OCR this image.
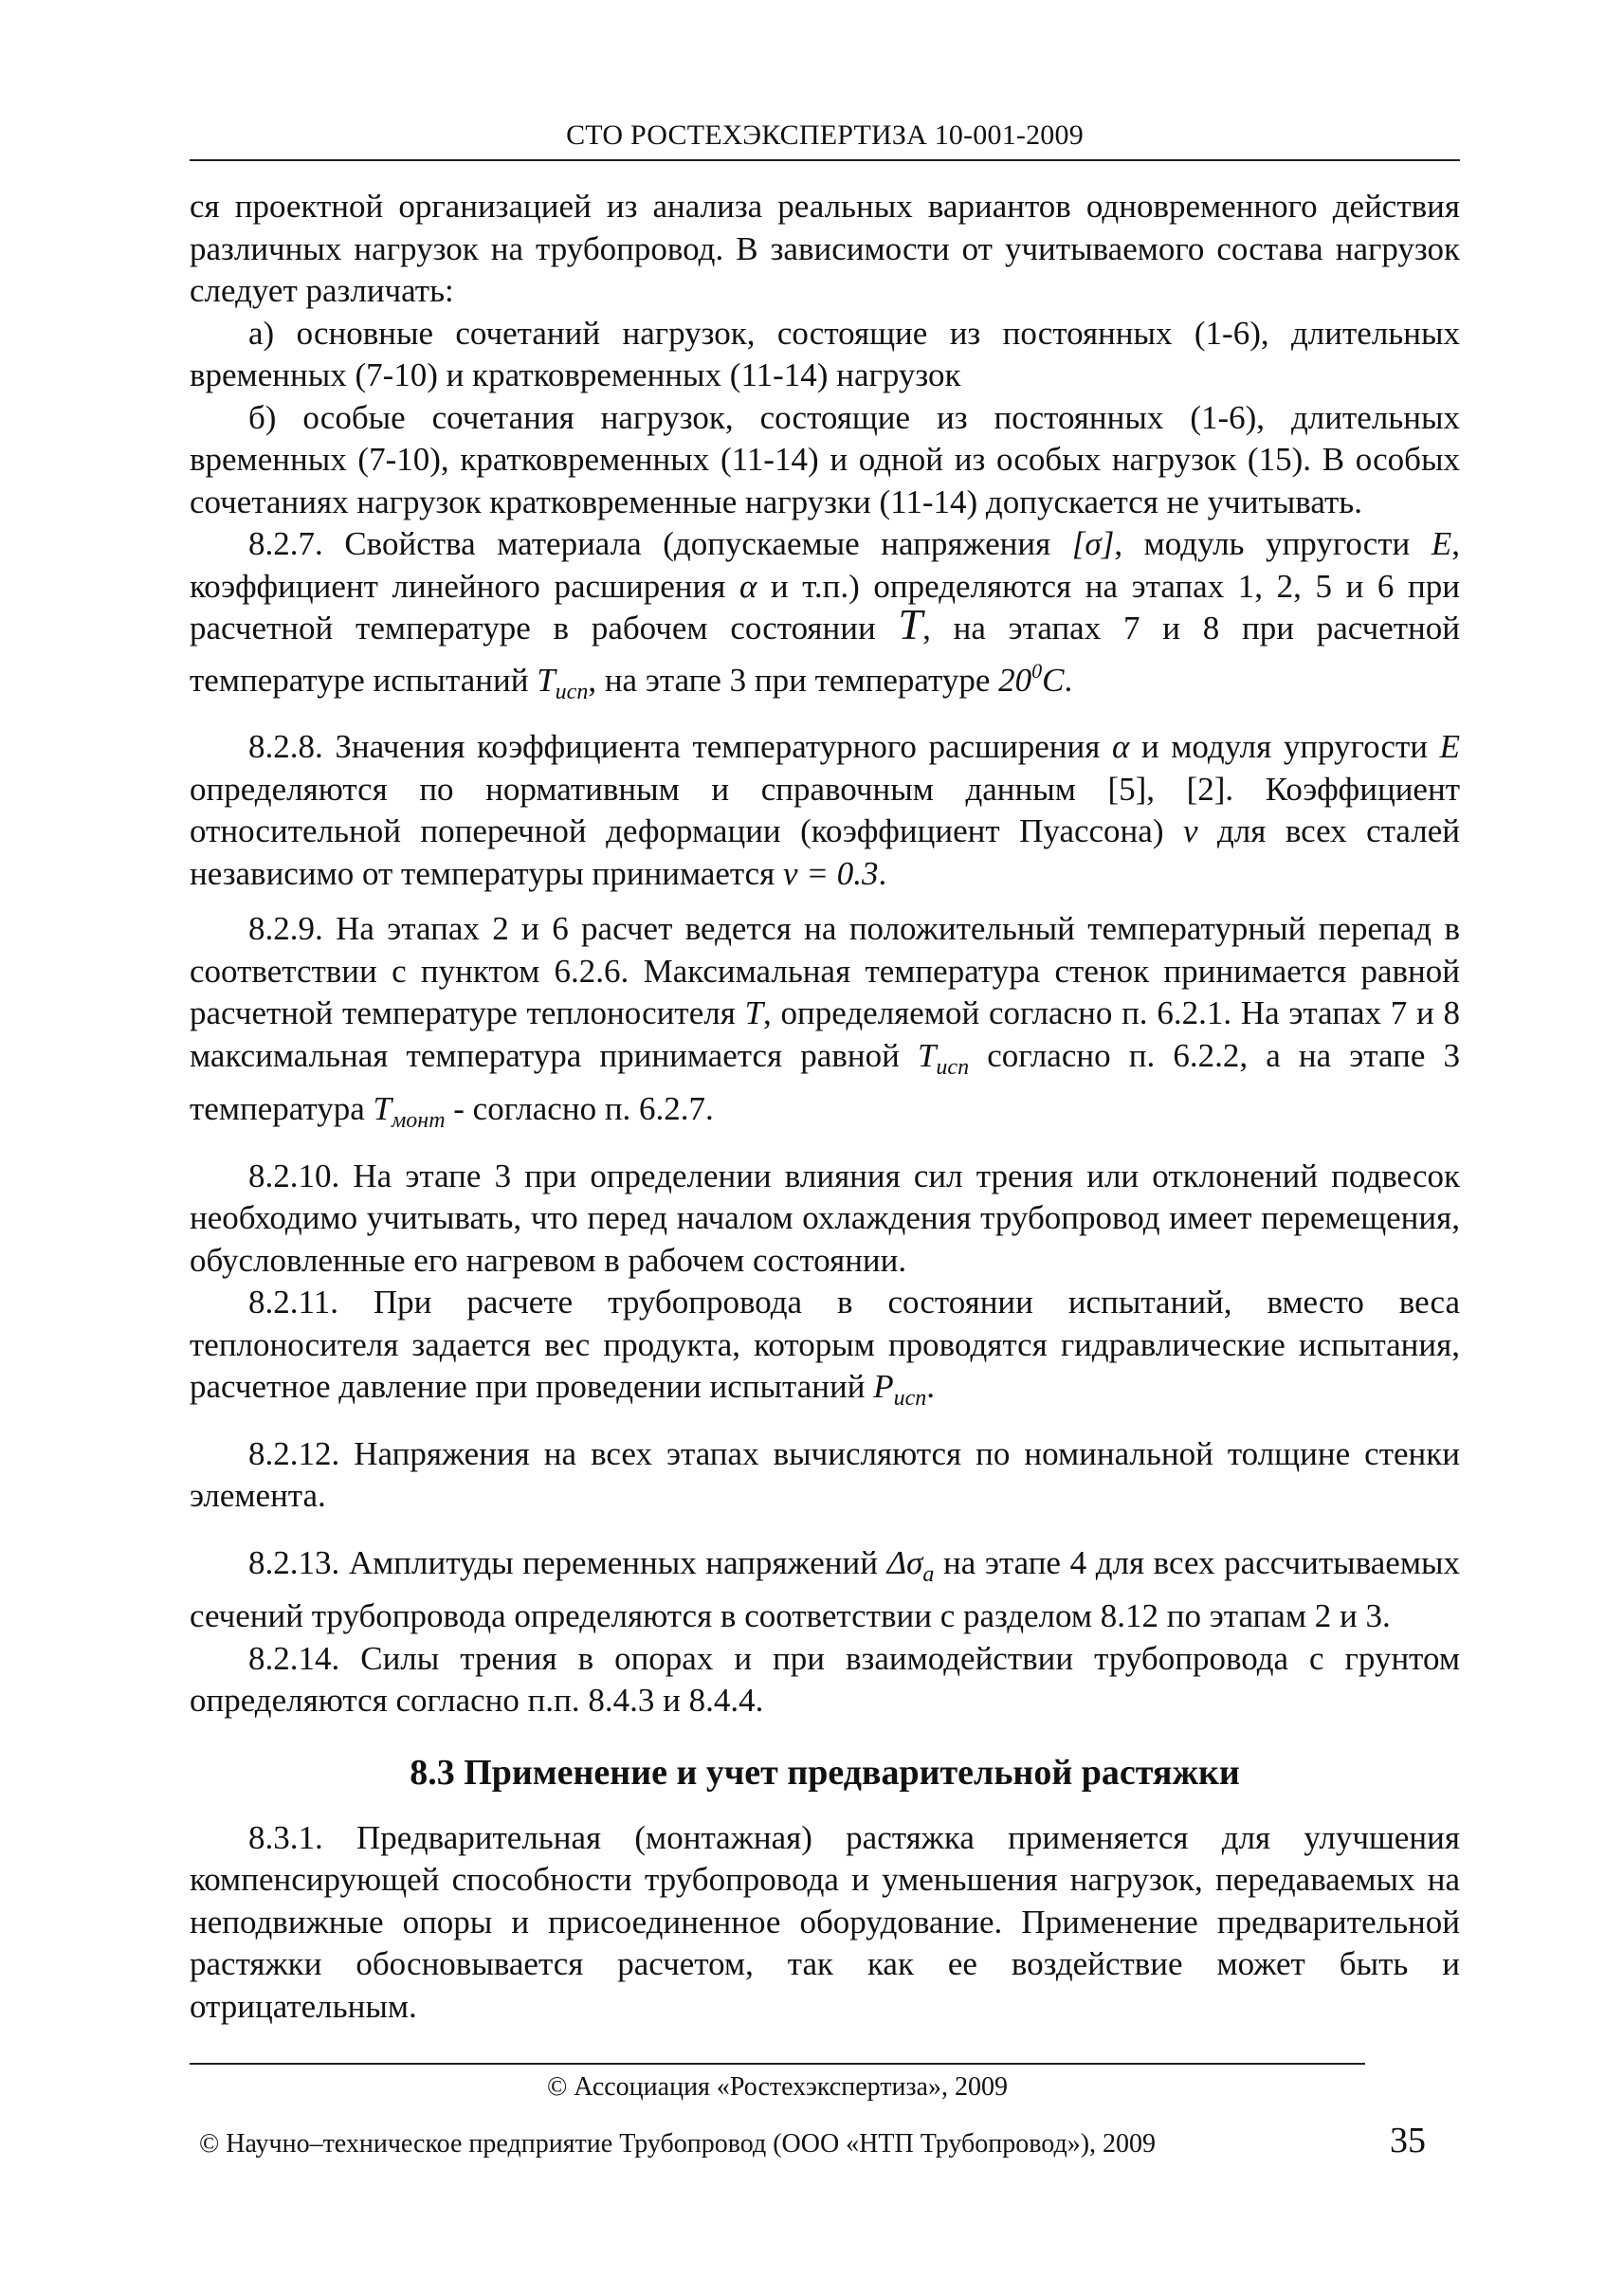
СТО РОСТЕХЭКСПЕРТИЗА 10-001-2009

ся проектной организацией из анализа реальных вариантов одновременного действия различных нагрузок на трубопровод. В зависимости от учитываемого состава нагрузок следует различать:

а) основные сочетаний нагрузок, состоящие из постоянных (1-6), длительных временных (7-10) и кратковременных (11-14) нагрузок

б) особые сочетания нагрузок, состоящие из постоянных (1-6), длительных временных (7-10), кратковременных (11-14) и одной из особых нагрузок (15). В особых сочетаниях нагрузок кратковременные нагрузки (11-14) допускается не учитывать.

8.2.7. Свойства материала (допускаемые напряжения [σ], модуль упругости E, коэффициент линейного расширения α и т.п.) определяются на этапах 1, 2, 5 и 6 при расчетной температуре в рабочем состоянии T, на этапах 7 и 8 при расчетной температуре испытаний $T_{исп}$, на этапе 3 при температуре $20^0C$.

8.2.8. Значения коэффициента температурного расширения α и модуля упругости E определяются по нормативным и справочным данным [5], [2]. Коэффициент относительной поперечной деформации (коэффициент Пуассона) ν для всех сталей независимо от температуры принимается ν = 0.3.

8.2.9. На этапах 2 и 6 расчет ведется на положительный температурный перепад в соответствии с пунктом 6.2.6. Максимальная температура стенок принимается равной расчетной температуре теплоносителя T, определяемой согласно п. 6.2.1. На этапах 7 и 8 максимальная температура принимается равной $T_{исп}$ согласно п. 6.2.2, а на этапе 3 температура $T_{монт}$ - согласно п. 6.2.7.

8.2.10. На этапе 3 при определении влияния сил трения или отклонений подвесок необходимо учитывать, что перед началом охлаждения трубопровод имеет перемещения, обусловленные его нагревом в рабочем состоянии.

8.2.11. При расчете трубопровода в состоянии испытаний, вместо веса теплоносителя задается вес продукта, которым проводятся гидравлические испытания, расчетное давление при проведении испытаний $P_{исп}$.

8.2.12. Напряжения на всех этапах вычисляются по номинальной толщине стенки элемента.

8.2.13. Амплитуды переменных напряжений $\Delta\sigma_a$ на этапе 4 для всех рассчитываемых сечений трубопровода определяются в соответствии с разделом 8.12 по этапам 2 и 3.

8.2.14. Силы трения в опорах и при взаимодействии трубопровода с грунтом определяются согласно п.п. 8.4.3 и 8.4.4.

8.3 Применение и учет предварительной растяжки

8.3.1. Предварительная (монтажная) растяжка применяется для улучшения компенсирующей способности трубопровода и уменьшения нагрузок, передаваемых на неподвижные опоры и присоединенное оборудование. Применение предварительной растяжки обосновывается расчетом, так как ее воздействие может быть и отрицательным.

© Ассоциация «Ростехэкспертиза», 2009
© Научно–техническое предприятие Трубопровод (ООО «НТП Трубопровод»), 2009	35
